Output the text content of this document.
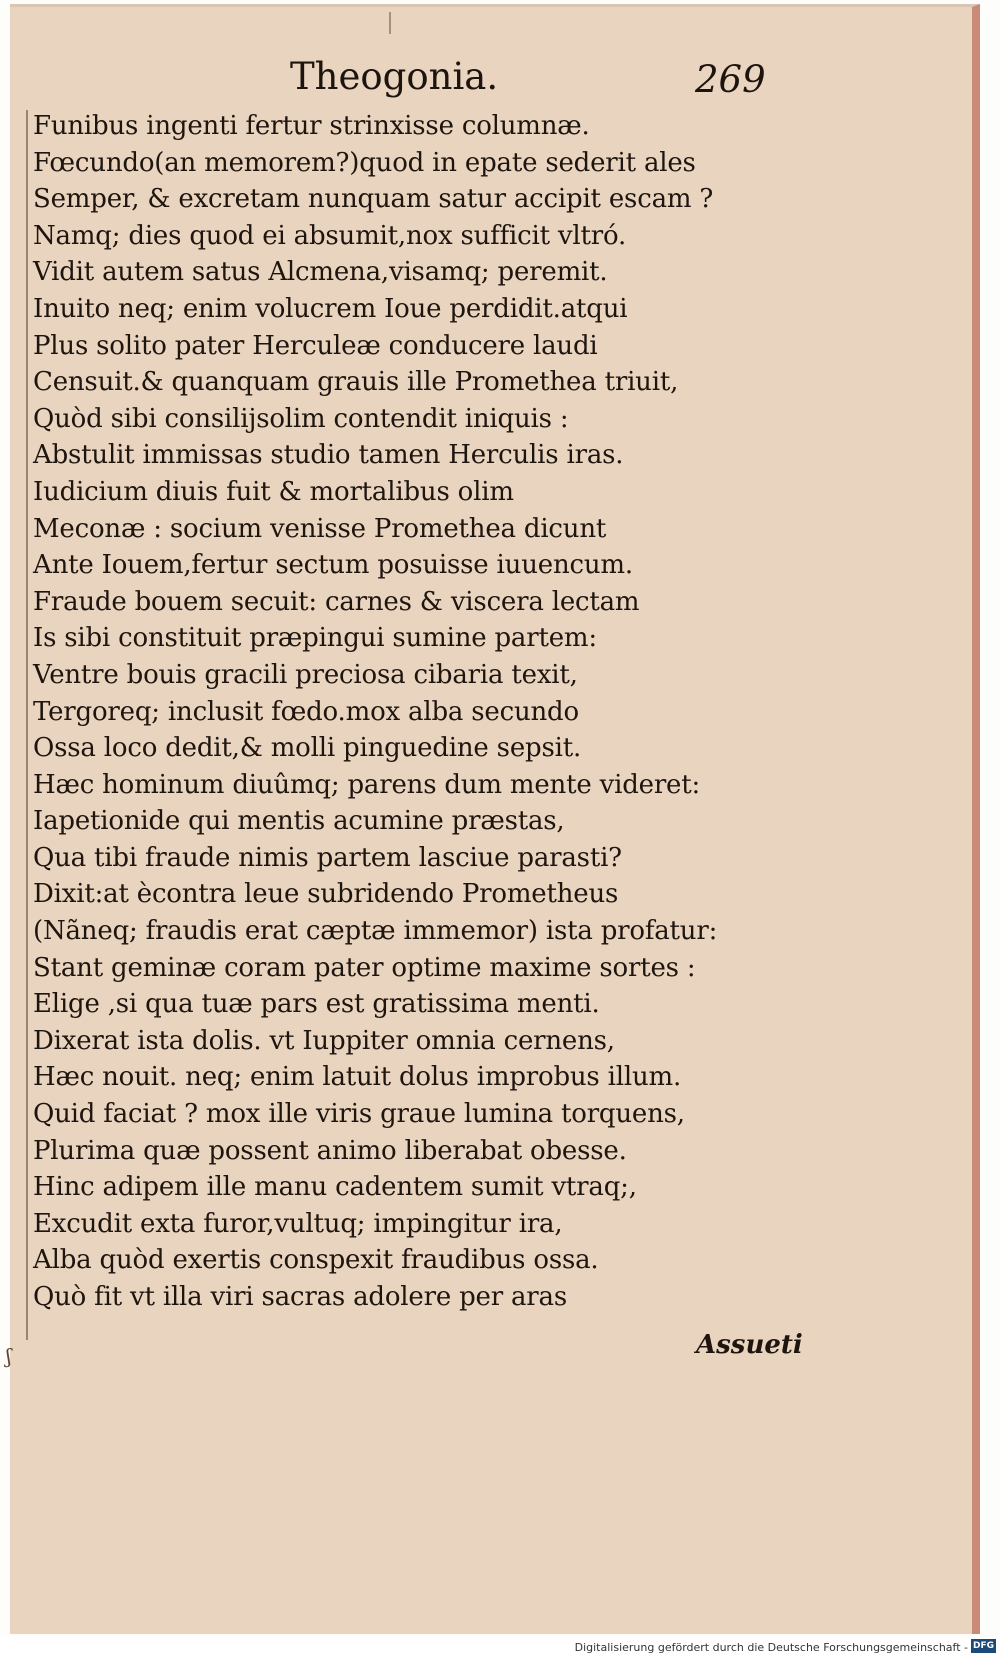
Theogonia.	269
Funibus ingenti fertur strinxisse columnæ.
Fœcundo(an memorem?)quod in epate sederit ales
Semper, & excretam nunquam satur accipit escam ?
Namq; dies quod ei absumit,nox sufficit vltró.
Vidit autem satus Alcmena,visamq; peremit.
Inuito neq; enim volucrem Ioue perdidit.atqui
Plus solito pater Herculeæ conducere laudi
Censuit.& quanquam grauis ille Promethea triuit,
Quòd sibi consilijsolim contendit iniquis :
Abstulit immissas studio tamen Herculis iras.
Iudicium diuis fuit & mortalibus olim
Meconæ : socium venisse Promethea dicunt
Ante Iouem,fertur sectum posuisse iuuencum.
Fraude bouem secuit: carnes & viscera lectam
Is sibi constituit præpingui sumine partem:
Ventre bouis gracili preciosa cibaria texit,
Tergoreq; inclusit fœdo.mox alba secundo
Ossa loco dedit,& molli pinguedine sepsit.
Hæc hominum diuûmq; parens dum mente videret:
Iapetionide qui mentis acumine præstas,
Qua tibi fraude nimis partem lasciue parasti?
Dixit:at ècontra leue subridendo Prometheus
(Nãneq; fraudis erat cæptæ immemor) ista profatur:
Stant geminæ coram pater optime maxime sortes :
Elige ,si qua tuæ pars est gratissima menti.
Dixerat ista dolis. vt Iuppiter omnia cernens,
Hæc nouit. neq; enim latuit dolus improbus illum.
Quid faciat ? mox ille viris graue lumina torquens,
Plurima quæ possent animo liberabat obesse.
Hinc adipem ille manu cadentem sumit vtraq;,
Excudit exta furor,vultuq; impingitur ira,
Alba quòd exertis conspexit fraudibus ossa.
Quò fit vt illa viri sacras adolere per aras
Assueti
ʃ
Digitalisierung gefördert durch die Deutsche Forschungsgemeinschaft - DFG
